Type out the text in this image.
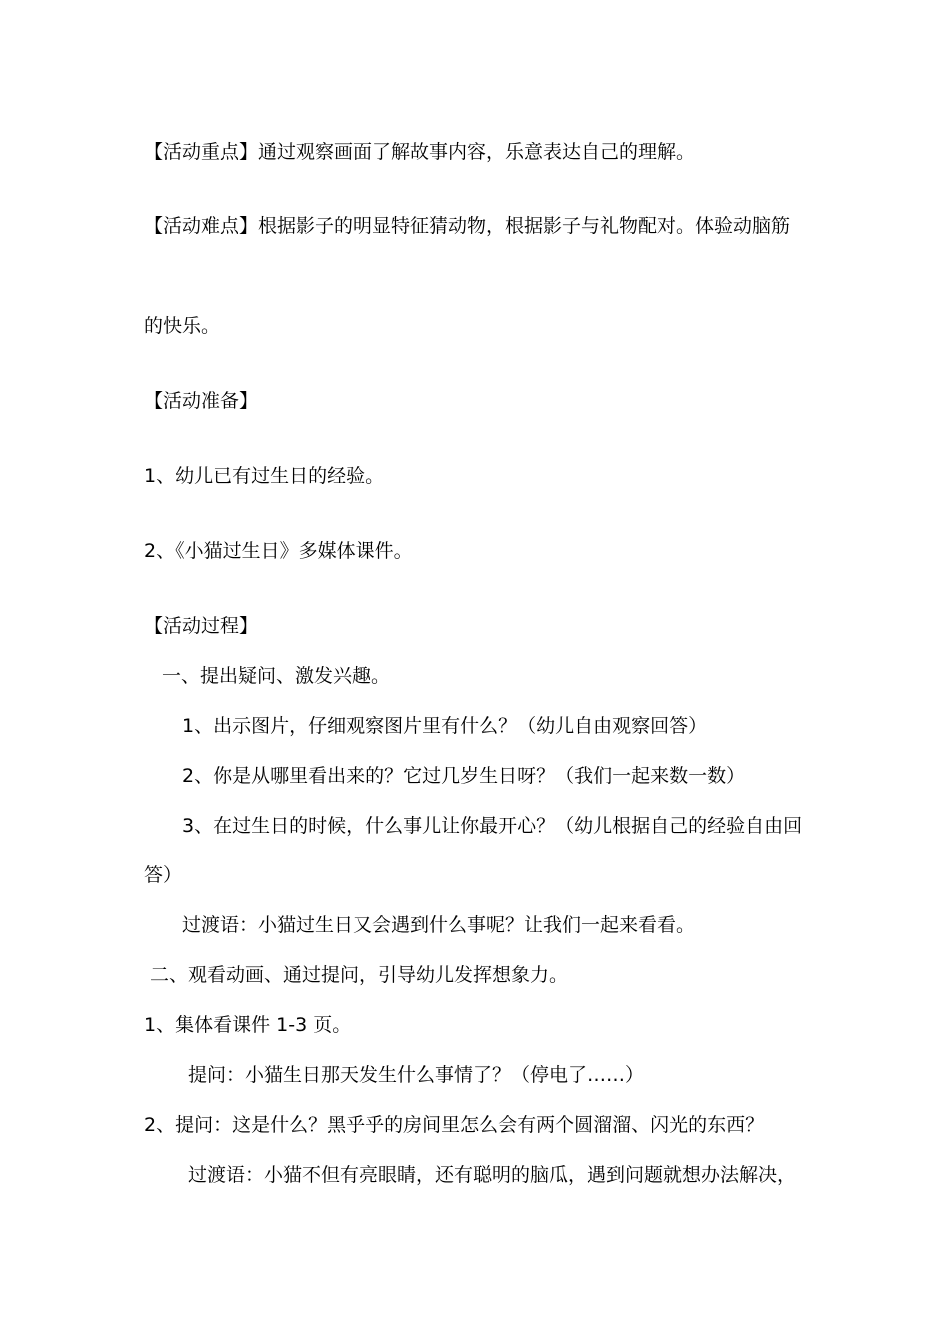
【活动重点】通过观察画面了解故事内容，乐意表达自己的理解。
【活动难点】根据影子的明显特征猜动物，根据影子与礼物配对。体验动脑筋
的快乐。
【活动准备】
1、幼儿已有过生日的经验。
2、《小猫过生日》多媒体课件。
【活动过程】
一、提出疑问、激发兴趣。
1、出示图片，仔细观察图片里有什么？（幼儿自由观察回答）
2、你是从哪里看出来的？它过几岁生日呀？（我们一起来数一数）
3、在过生日的时候，什么事儿让你最开心？（幼儿根据自己的经验自由回
答）
过渡语：小猫过生日又会遇到什么事呢？让我们一起来看看。
二、观看动画、通过提问，引导幼儿发挥想象力。
1、集体看课件 1-3 页。
提问：小猫生日那天发生什么事情了？（停电了……）
2、提问：这是什么？黑乎乎的房间里怎么会有两个圆溜溜、闪光的东西？
过渡语：小猫不但有亮眼睛，还有聪明的脑瓜，遇到问题就想办法解决，
